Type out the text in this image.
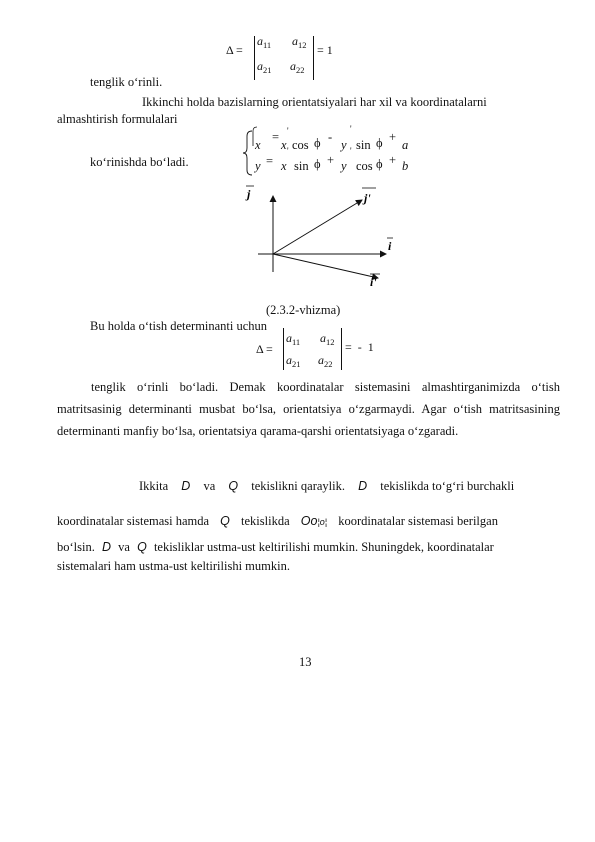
Δ =
$a_{11}$ $a_{12}$
$a_{21}$ $a_{22}$
= 1
tenglik o‘rinli.
Ikkinchi holda bazislarning orientatsiyalari har xil va koordinatalarni
almashtirish formulalari
x
= '
x cos ϕ -
'
y sin ϕ +
a
y =
'
x sin ϕ +
'
y cos ϕ + b
ko‘rinishda bo‘ladi.
j	j'
i
i'
(2.3.2-vhizma)
Bu holda o‘tish determinanti uchun
Δ =
$a_{11}$ $a_{12}$
$a_{21}$ $a_{22}$
= - 1
tenglik o‘rinli bo‘ladi. Demak koordinatalar sistemasini almashtirganimizda o‘tish matritsasinig determinanti musbat bo‘lsa, orientatsiya o‘zgarmaydi. Agar o‘tish matritsasining determinanti manfiy bo‘lsa, orientatsiya qarama-qarshi orientatsiyaga o‘zgaradi.
Ikkita D va Q tekislikni qaraylik. D tekislikda to‘g‘ri burchakli
koordinatalar sistemasi hamda Q tekislikda Oo¦o¦ koordinatalar sistemasi berilgan
bo‘lsin. D va Q tekisliklar ustma-ust keltirilishi mumkin. Shuningdek, koordinatalar
sistemalari ham ustma-ust keltirilishi mumkin.
13
